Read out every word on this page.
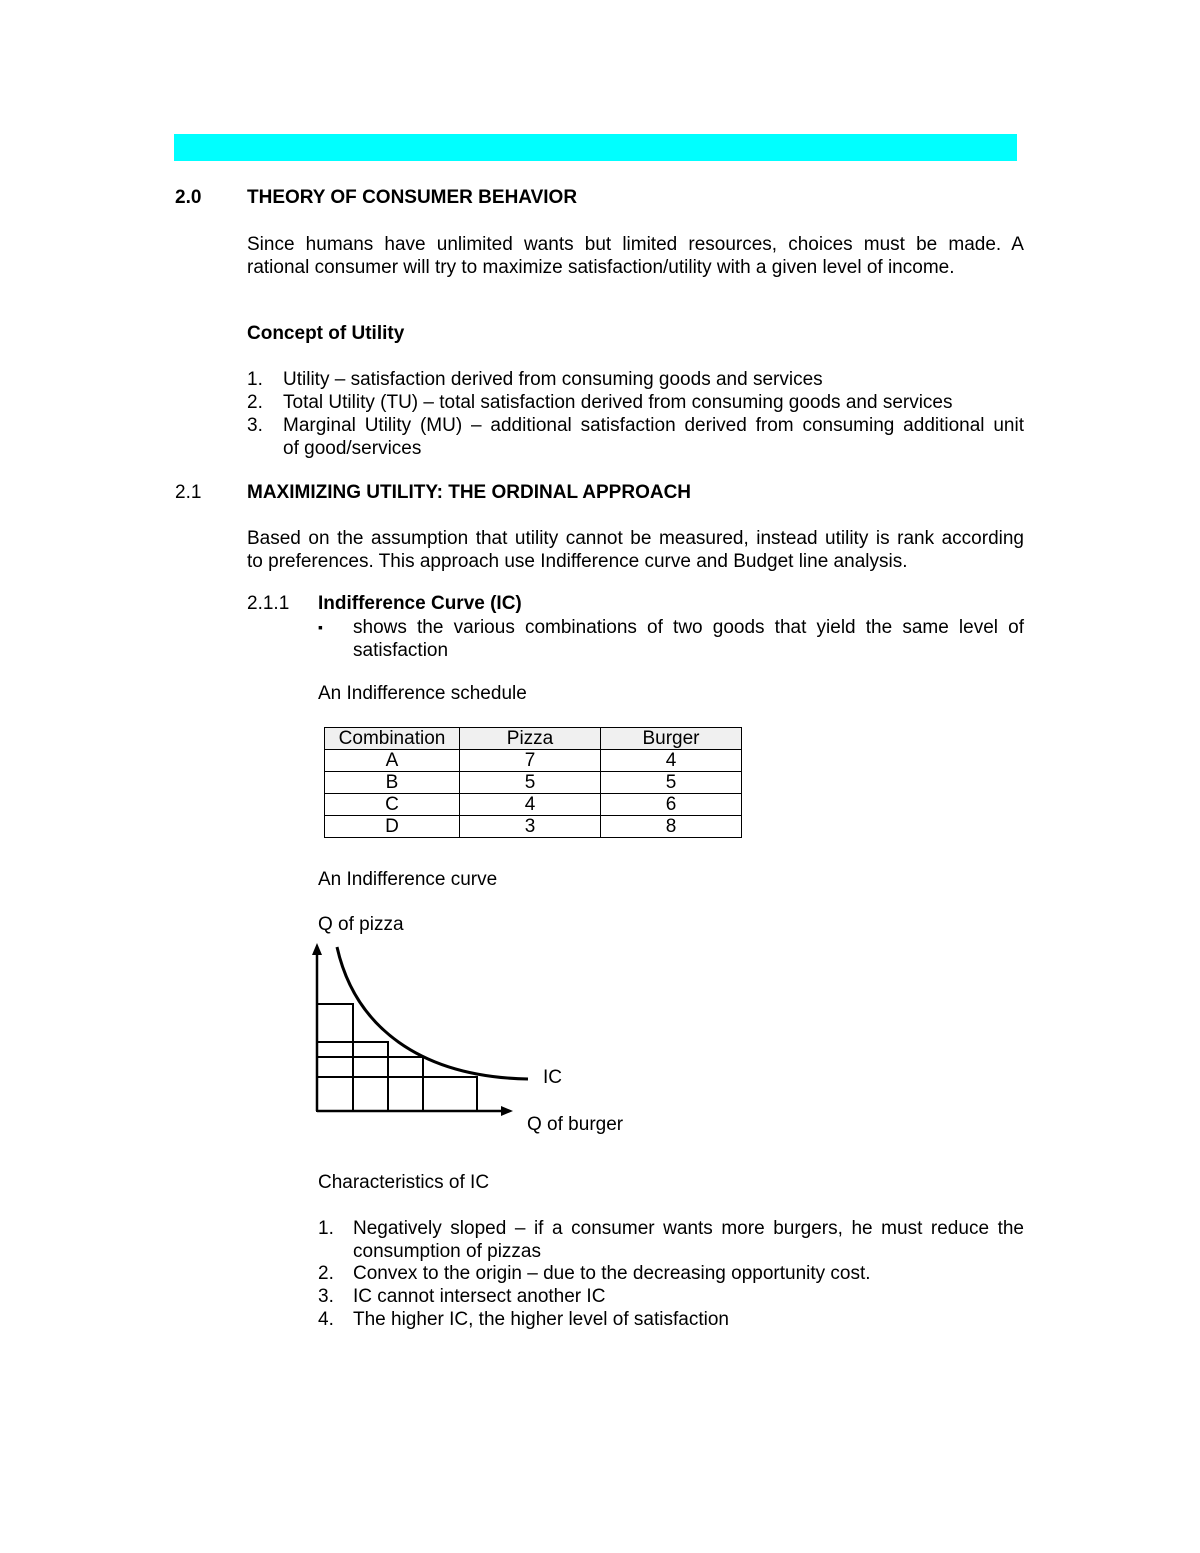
2.0 THEORY OF CONSUMER BEHAVIOR
Since humans have unlimited wants but limited resources, choices must be made. A
rational consumer will try to maximize satisfaction/utility with a given level of income.
Concept of Utility
1. Utility – satisfaction derived from consuming goods and services
2. Total Utility (TU) – total satisfaction derived from consuming goods and services
3. Marginal Utility (MU) – additional satisfaction derived from consuming additional unit
of good/services
2.1 MAXIMIZING UTILITY: THE ORDINAL APPROACH
Based on the assumption that utility cannot be measured, instead utility is rank according
to preferences. This approach use Indifference curve and Budget line analysis.
2.1.1 Indifference Curve (IC)
▪ shows the various combinations of two goods that yield the same level of
satisfaction
An Indifference schedule
Combination	Pizza	Burger
A	7	4
B	5	5
C	4	6
D	3	8
An Indifference curve
Q of pizza
IC
Q of burger
Characteristics of IC
1. Negatively sloped – if a consumer wants more burgers, he must reduce the
consumption of pizzas
2. Convex to the origin – due to the decreasing opportunity cost.
3. IC cannot intersect another IC
4. The higher IC, the higher level of satisfaction
